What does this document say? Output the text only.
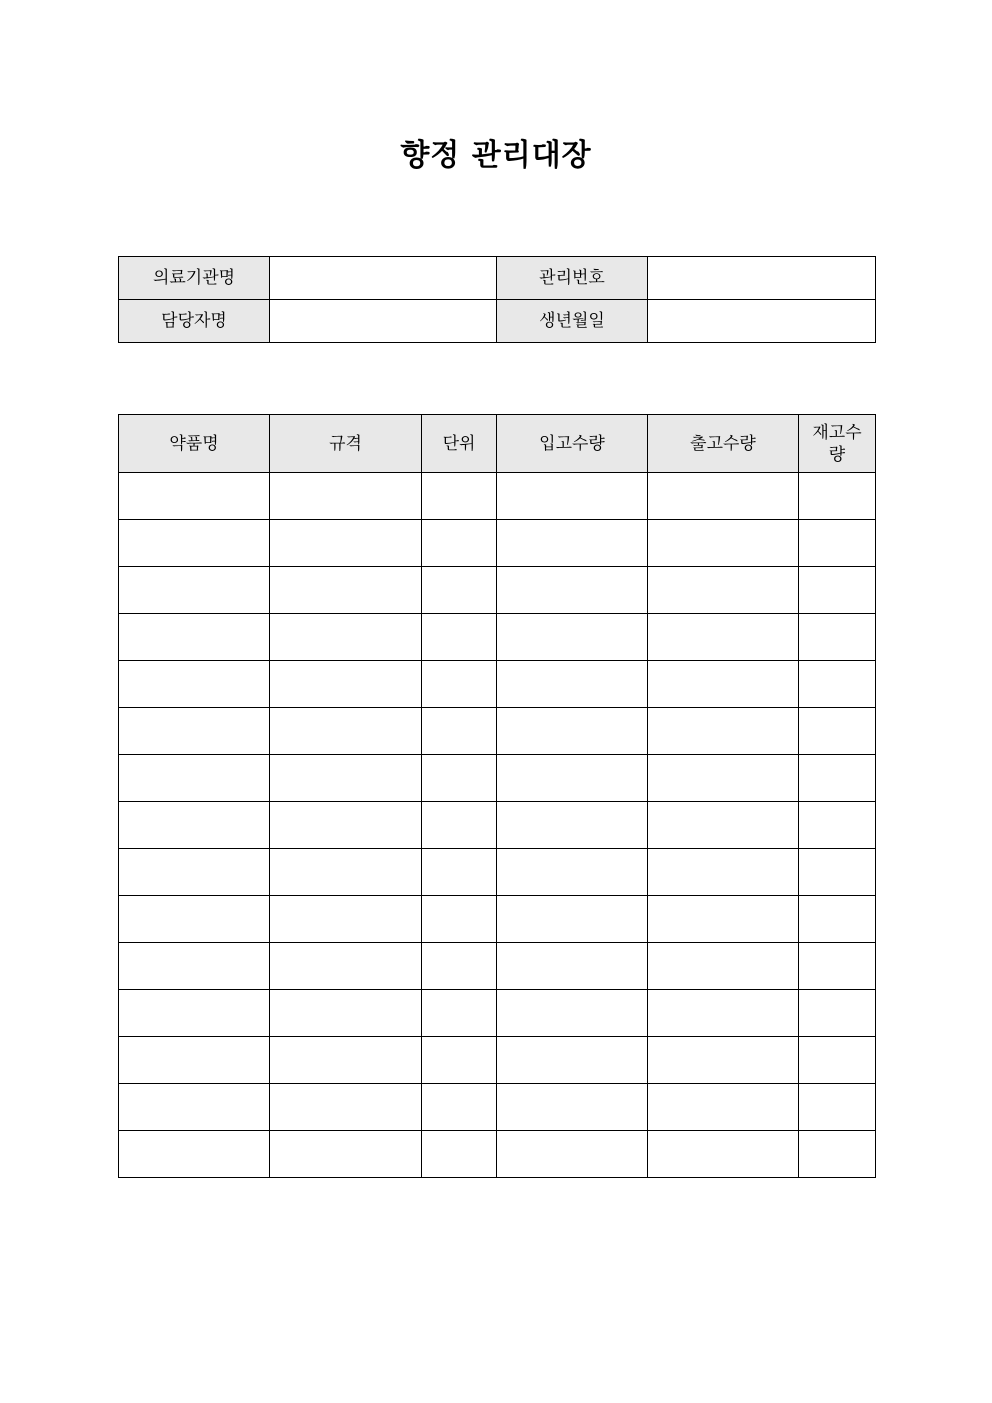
향정 관리대장
의료기관명		관리번호	
담당자명		생년월일	
약품명	규격	단위	입고수량	출고수량	재고수
량
